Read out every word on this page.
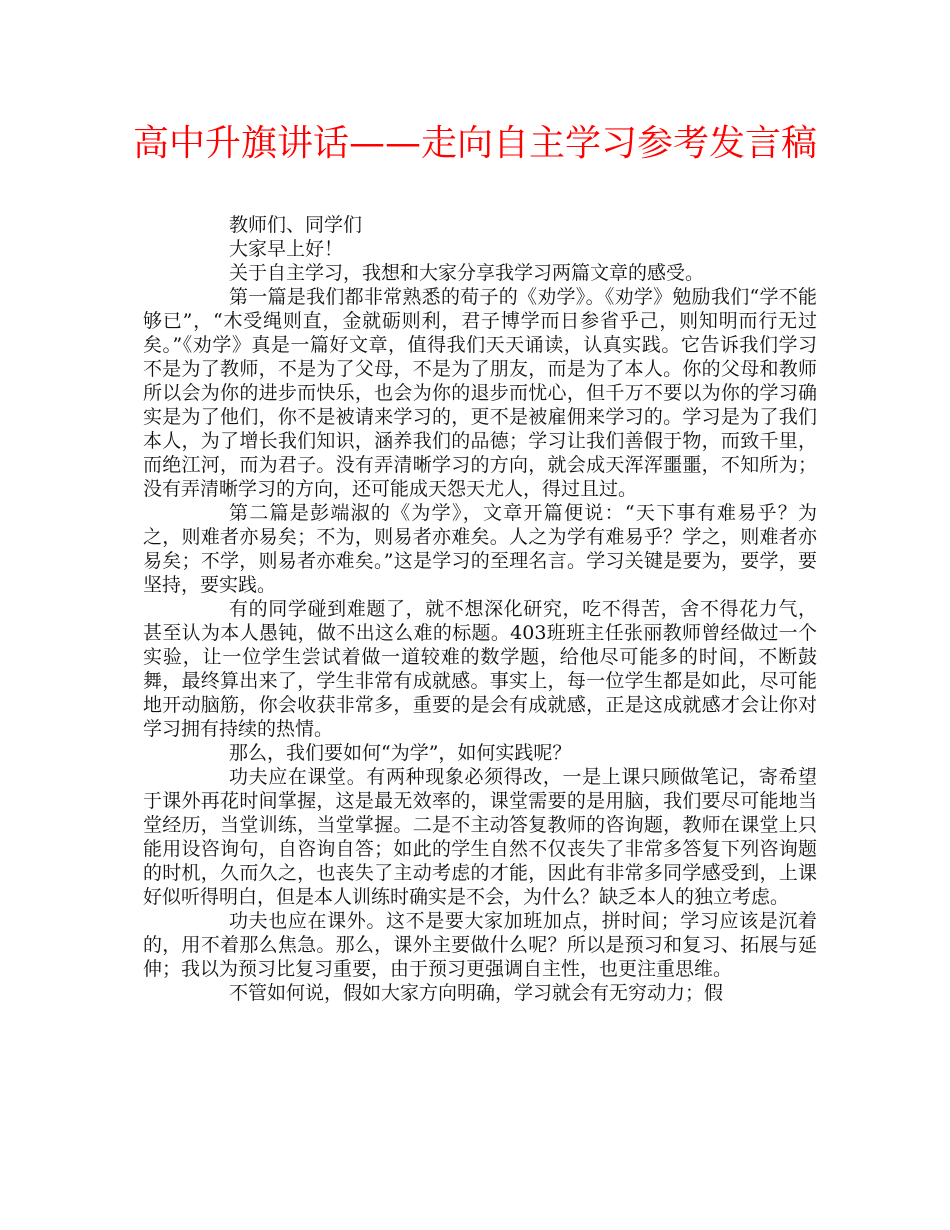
高中升旗讲话——走向自主学习参考发言稿

教师们、同学们

大家早上好！

关于自主学习，我想和大家分享我学习两篇文章的感受。

第一篇是我们都非常熟悉的荀子的《劝学》。《劝学》勉励我们“学不能够已”，“木受绳则直，金就砺则利，君子博学而日参省乎己，则知明而行无过矣。”《劝学》真是一篇好文章，值得我们天天诵读，认真实践。它告诉我们学习不是为了教师，不是为了父母，不是为了朋友，而是为了本人。你的父母和教师所以会为你的进步而快乐，也会为你的退步而忧心，但千万不要以为你的学习确实是为了他们，你不是被请来学习的，更不是被雇佣来学习的。学习是为了我们本人，为了增长我们知识，涵养我们的品德；学习让我们善假于物，而致千里，而绝江河，而为君子。没有弄清晰学习的方向，就会成天浑浑噩噩，不知所为；没有弄清晰学习的方向，还可能成天怨天尤人，得过且过。

第二篇是彭端淑的《为学》，文章开篇便说：“天下事有难易乎？为之，则难者亦易矣；不为，则易者亦难矣。人之为学有难易乎？学之，则难者亦易矣；不学，则易者亦难矣。”这是学习的至理名言。学习关键是要为，要学，要坚持，要实践。

有的同学碰到难题了，就不想深化研究，吃不得苦，舍不得花力气，甚至认为本人愚钝，做不出这么难的标题。403班班主任张丽教师曾经做过一个实验，让一位学生尝试着做一道较难的数学题，给他尽可能多的时间，不断鼓舞，最终算出来了，学生非常有成就感。事实上，每一位学生都是如此，尽可能地开动脑筋，你会收获非常多，重要的是会有成就感，正是这成就感才会让你对学习拥有持续的热情。

那么，我们要如何“为学”，如何实践呢？

功夫应在课堂。有两种现象必须得改，一是上课只顾做笔记，寄希望于课外再花时间掌握，这是最无效率的，课堂需要的是用脑，我们要尽可能地当堂经历，当堂训练，当堂掌握。二是不主动答复教师的咨询题，教师在课堂上只能用设咨询句，自咨询自答；如此的学生自然不仅丧失了非常多答复下列咨询题的时机，久而久之，也丧失了主动考虑的才能，因此有非常多同学感受到，上课好似听得明白，但是本人训练时确实是不会，为什么？缺乏本人的独立考虑。

功夫也应在课外。这不是要大家加班加点，拼时间；学习应该是沉着的，用不着那么焦急。那么，课外主要做什么呢？所以是预习和复习、拓展与延伸；我以为预习比复习重要，由于预习更强调自主性，也更注重思维。

不管如何说，假如大家方向明确，学习就会有无穷动力；假
